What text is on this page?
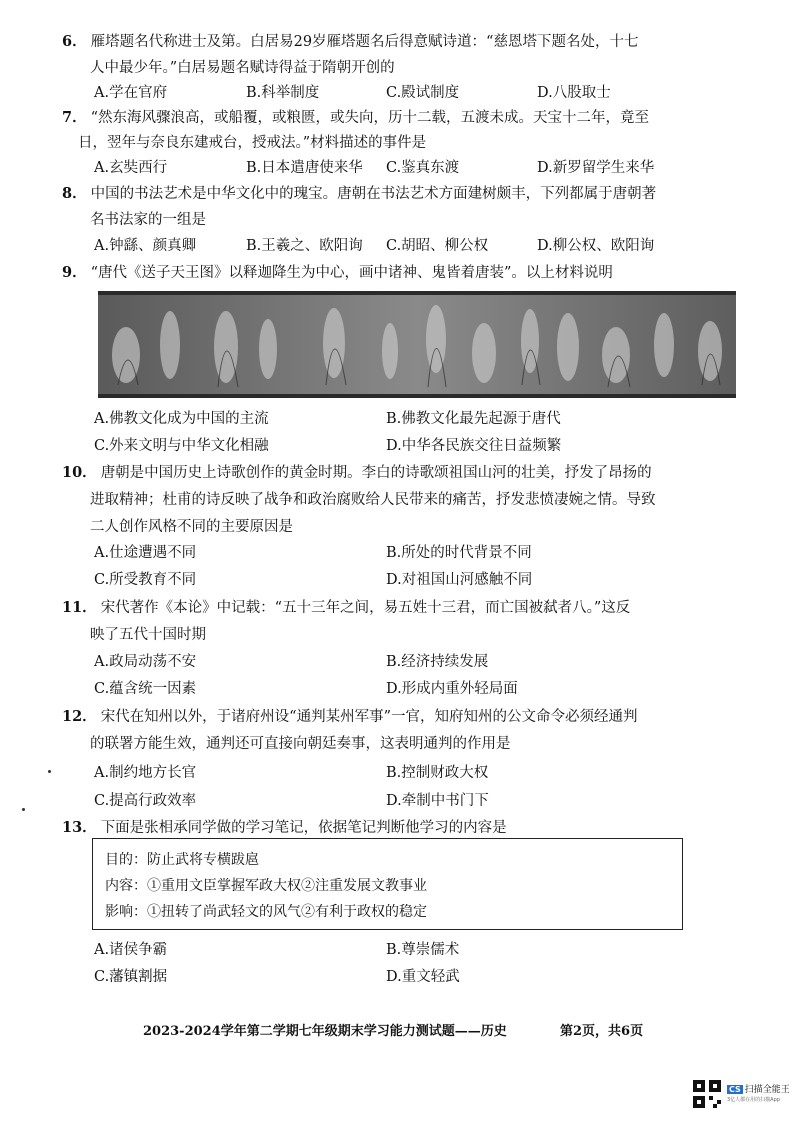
6． 雁塔题名代称进士及第。白居易29岁雁塔题名后得意赋诗道：“慈恩塔下题名处，十七
人中最少年。”白居易题名赋诗得益于隋朝开创的
A.学在官府	B.科举制度	C.殿试制度	D.八股取士
7． “然东海风骤浪高，或船覆，或粮匮，或失向，历十二载，五渡未成。天宝十二年，竟至
日，翌年与奈良东建戒台，授戒法。”材料描述的事件是
A.玄奘西行	B.日本遣唐使来华 C.鉴真东渡	D.新罗留学生来华
8． 中国的书法艺术是中华文化中的瑰宝。唐朝在书法艺术方面建树颇丰，下列都属于唐朝著
名书法家的一组是
A.钟繇、颜真卿	B.王羲之、欧阳询 C.胡昭、柳公权	D.柳公权、欧阳询
9． “唐代《送子天王图》以释迦降生为中心，画中诸神、鬼皆着唐装”。以上材料说明
A.佛教文化成为中国的主流	B.佛教文化最先起源于唐代
C.外来文明与中华文化相融	D.中华各民族交往日益频繁
10． 唐朝是中国历史上诗歌创作的黄金时期。李白的诗歌颂祖国山河的壮美，抒发了昂扬的
进取精神；杜甫的诗反映了战争和政治腐败给人民带来的痛苦，抒发悲愤凄婉之情。导致
二人创作风格不同的主要原因是
A.仕途遭遇不同	B.所处的时代背景不同
C.所受教育不同	D.对祖国山河感触不同
11． 宋代著作《本论》中记载：“五十三年之间，易五姓十三君，而亡国被弑者八。”这反
映了五代十国时期
A.政局动荡不安	B.经济持续发展
C.蕴含统一因素	D.形成内重外轻局面
12． 宋代在知州以外，于诸府州设“通判某州军事”一官，知府知州的公文命令必须经通判
的联署方能生效，通判还可直接向朝廷奏事，这表明通判的作用是
A.制约地方长官	B.控制财政大权
C.提高行政效率	D.牵制中书门下
13． 下面是张相承同学做的学习笔记，依据笔记判断他学习的内容是
目的：防止武将专横跋扈
内容：①重用文臣掌握军政大权②注重发展文教事业
影响：①扭转了尚武轻文的风气②有利于政权的稳定
A.诸侯争霸	B.尊崇儒术
C.藩镇割据	D.重文轻武
2023-2024学年第二学期七年级期末学习能力测试题——历史	第2页，共6页
CS 扫描全能王
3亿人都在用的扫描App
